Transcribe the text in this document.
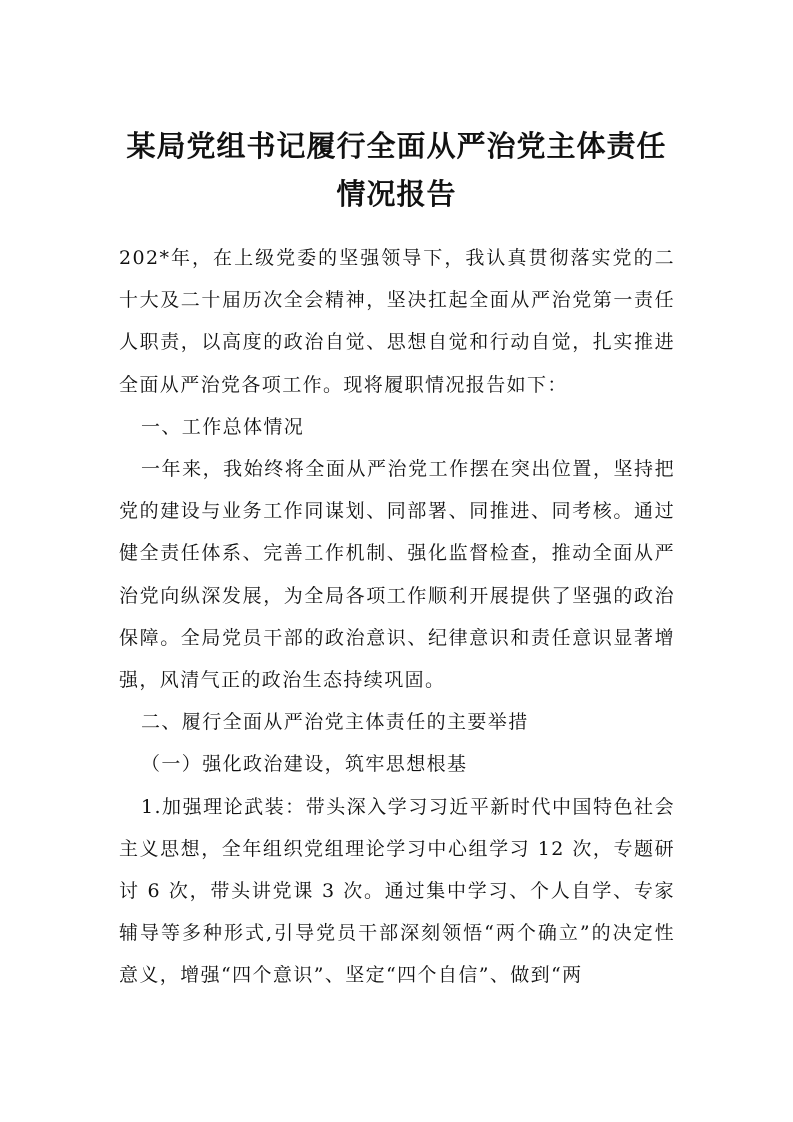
某局党组书记履行全面从严治党主体责任
情况报告

202*年，在上级党委的坚强领导下，我认真贯彻落实党的二十大及二十届历次全会精神，坚决扛起全面从严治党第一责任人职责，以高度的政治自觉、思想自觉和行动自觉，扎实推进全面从严治党各项工作。现将履职情况报告如下：

一、工作总体情况

一年来，我始终将全面从严治党工作摆在突出位置，坚持把党的建设与业务工作同谋划、同部署、同推进、同考核。通过健全责任体系、完善工作机制、强化监督检查，推动全面从严治党向纵深发展，为全局各项工作顺利开展提供了坚强的政治保障。全局党员干部的政治意识、纪律意识和责任意识显著增强，风清气正的政治生态持续巩固。

二、履行全面从严治党主体责任的主要举措

（一）强化政治建设，筑牢思想根基

1.加强理论武装：带头深入学习习近平新时代中国特色社会主义思想，全年组织党组理论学习中心组学习 12 次，专题研讨 6 次，带头讲党课 3 次。通过集中学习、个人自学、专家辅导等多种形式,引导党员干部深刻领悟“两个确立”的决定性意义，增强“四个意识”、坚定“四个自信”、做到“两
